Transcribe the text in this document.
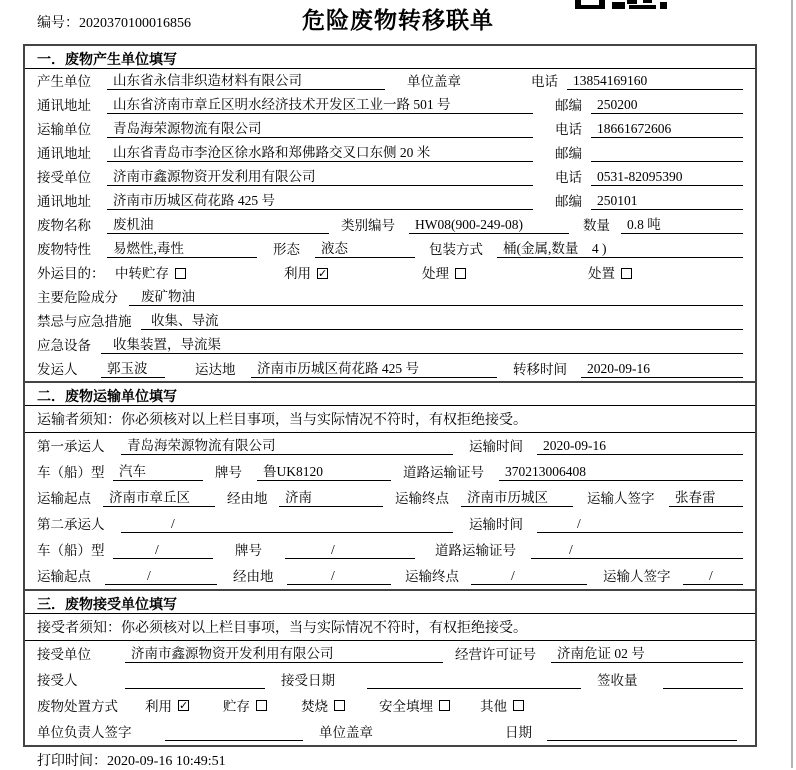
编号：2020370100016856	危险废物转移联单
一．废物产生单位填写
产生单位	山东省永信非织造材料有限公司	单位盖章	电话	13854169160
通讯地址	山东省济南市章丘区明水经济技术开发区工业一路 501 号	邮编	250200
运输单位	青岛海荣源物流有限公司	电话	18661672606
通讯地址	山东省青岛市李沧区徐水路和郑佛路交叉口东侧 20 米	邮编
接受单位	济南市鑫源物资开发利用有限公司	电话	0531-82095390
通讯地址	济南市历城区荷花路 425 号	邮编	250101
废物名称	废机油	类别编号	HW08(900-249-08)	数量	0.8 吨
废物特性	易燃性,毒性	形态	液态	包装方式	桶(金属,数量　4 )
外运目的： 中转贮存	利用 ✓	处理	处置
主要危险成分	废矿物油
禁忌与应急措施	收集、导流
应急设备	收集装置，导流渠
发运人	郭玉波	运达地	济南市历城区荷花路 425 号	转移时间	2020-09-16
二．废物运输单位填写
运输者须知：你必须核对以上栏目事项，当与实际情况不符时，有权拒绝接受。
第一承运人	青岛海荣源物流有限公司	运输时间	2020-09-16
车（船）型	汽车	牌号	鲁UK8120	道路运输证号	370213006408
运输起点	济南市章丘区	经由地	济南	运输终点	济南市历城区	运输人签字	张春雷
第二承运人	/	运输时间	/
车（船）型	/	牌号	/	道路运输证号	/
运输起点	/	经由地	/	运输终点	/	运输人签字	/
三．废物接受单位填写
接受者须知：你必须核对以上栏目事项，当与实际情况不符时，有权拒绝接受。
接受单位	济南市鑫源物资开发利用有限公司	经营许可证号	济南危证 02 号
接受人	接受日期	签收量
废物处置方式	利用 ✓	贮存	焚烧	安全填埋	其他
单位负责人签字	单位盖章	日期
打印时间：2020-09-16 10:49:51
